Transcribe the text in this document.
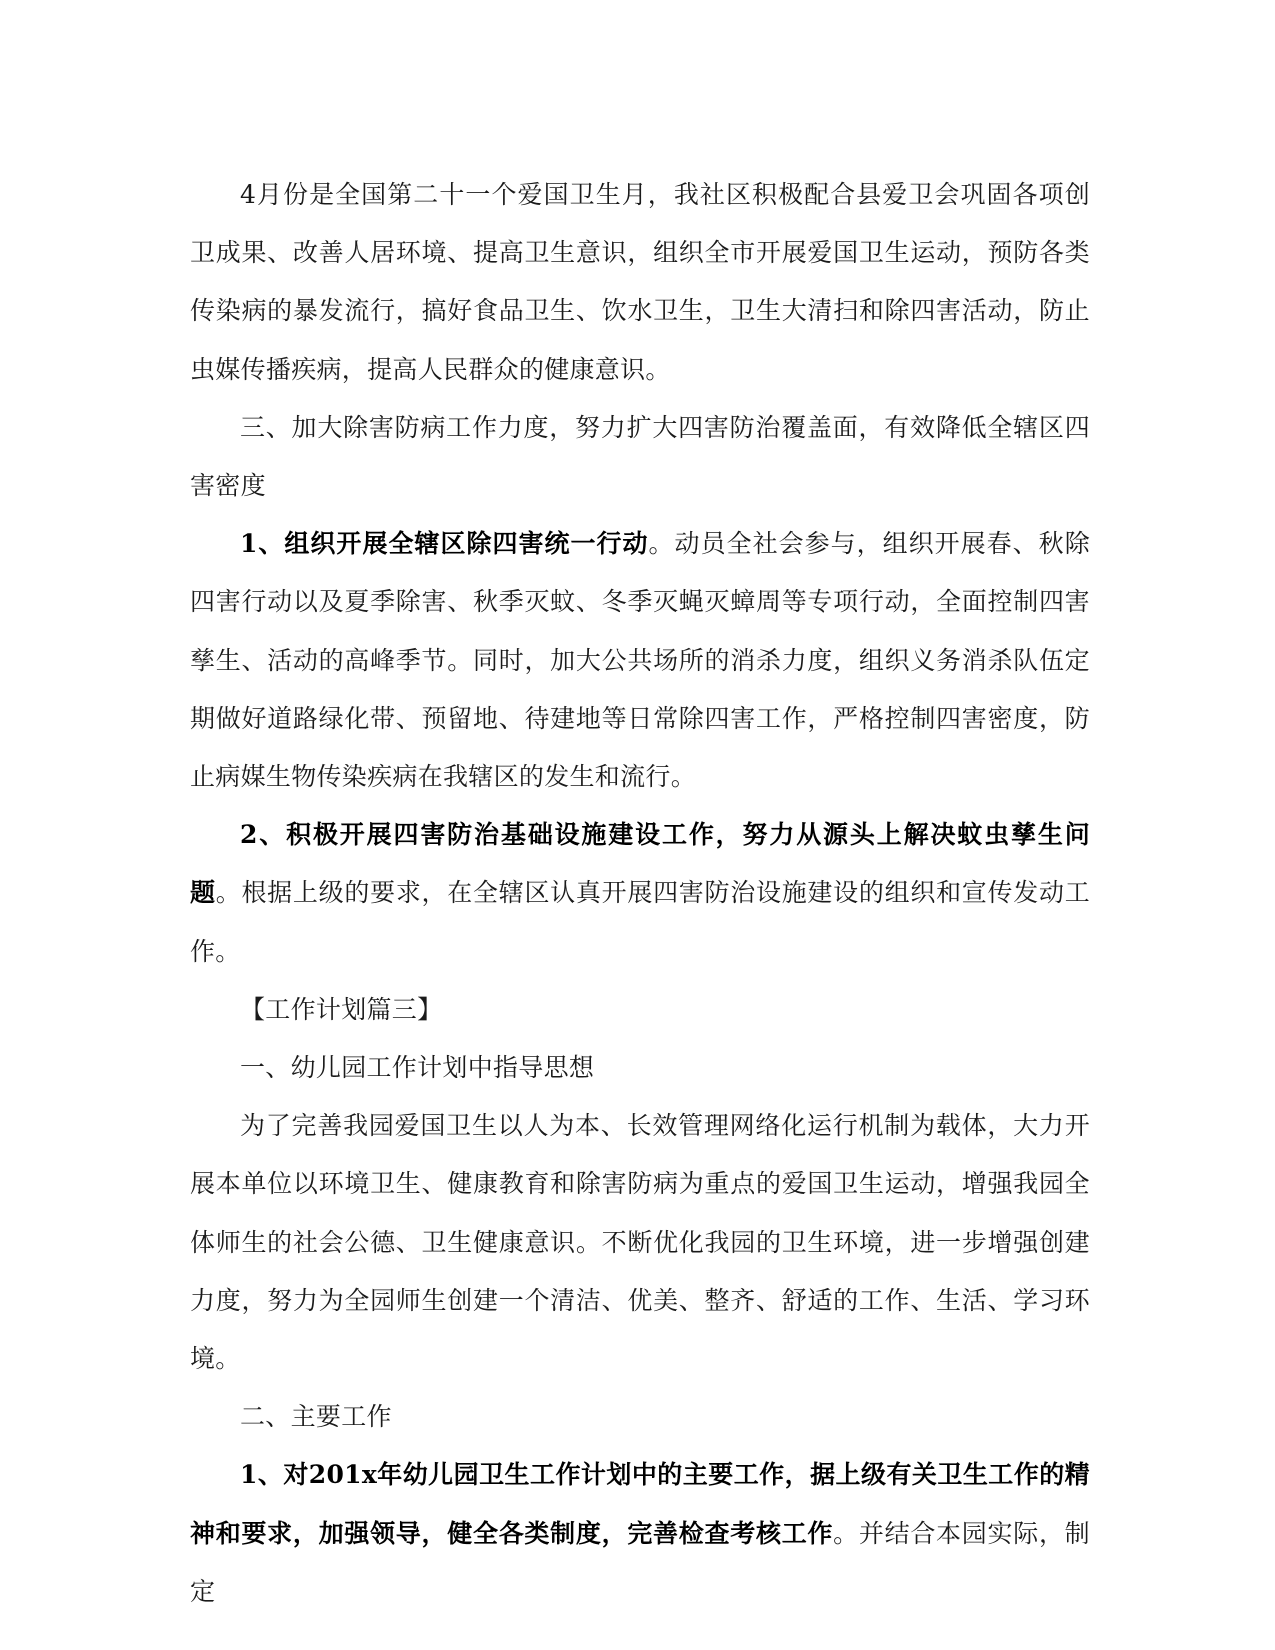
4月份是全国第二十一个爱国卫生月，我社区积极配合县爱卫会巩固各项创卫成果、改善人居环境、提高卫生意识，组织全市开展爱国卫生运动，预防各类传染病的暴发流行，搞好食品卫生、饮水卫生，卫生大清扫和除四害活动，防止虫媒传播疾病，提高人民群众的健康意识。

三、加大除害防病工作力度，努力扩大四害防治覆盖面，有效降低全辖区四害密度

1、组织开展全辖区除四害统一行动。动员全社会参与，组织开展春、秋除四害行动以及夏季除害、秋季灭蚊、冬季灭蝇灭蟑周等专项行动，全面控制四害孳生、活动的高峰季节。同时，加大公共场所的消杀力度，组织义务消杀队伍定期做好道路绿化带、预留地、待建地等日常除四害工作，严格控制四害密度，防止病媒生物传染疾病在我辖区的发生和流行。

2、积极开展四害防治基础设施建设工作，努力从源头上解决蚊虫孳生问题。根据上级的要求，在全辖区认真开展四害防治设施建设的组织和宣传发动工作。

【工作计划篇三】

一、幼儿园工作计划中指导思想

为了完善我园爱国卫生以人为本、长效管理网络化运行机制为载体，大力开展本单位以环境卫生、健康教育和除害防病为重点的爱国卫生运动，增强我园全体师生的社会公德、卫生健康意识。不断优化我园的卫生环境，进一步增强创建力度，努力为全园师生创建一个清洁、优美、整齐、舒适的工作、生活、学习环境。

二、主要工作

1、对201x年幼儿园卫生工作计划中的主要工作，据上级有关卫生工作的精神和要求，加强领导，健全各类制度，完善检查考核工作。并结合本园实际，制定
